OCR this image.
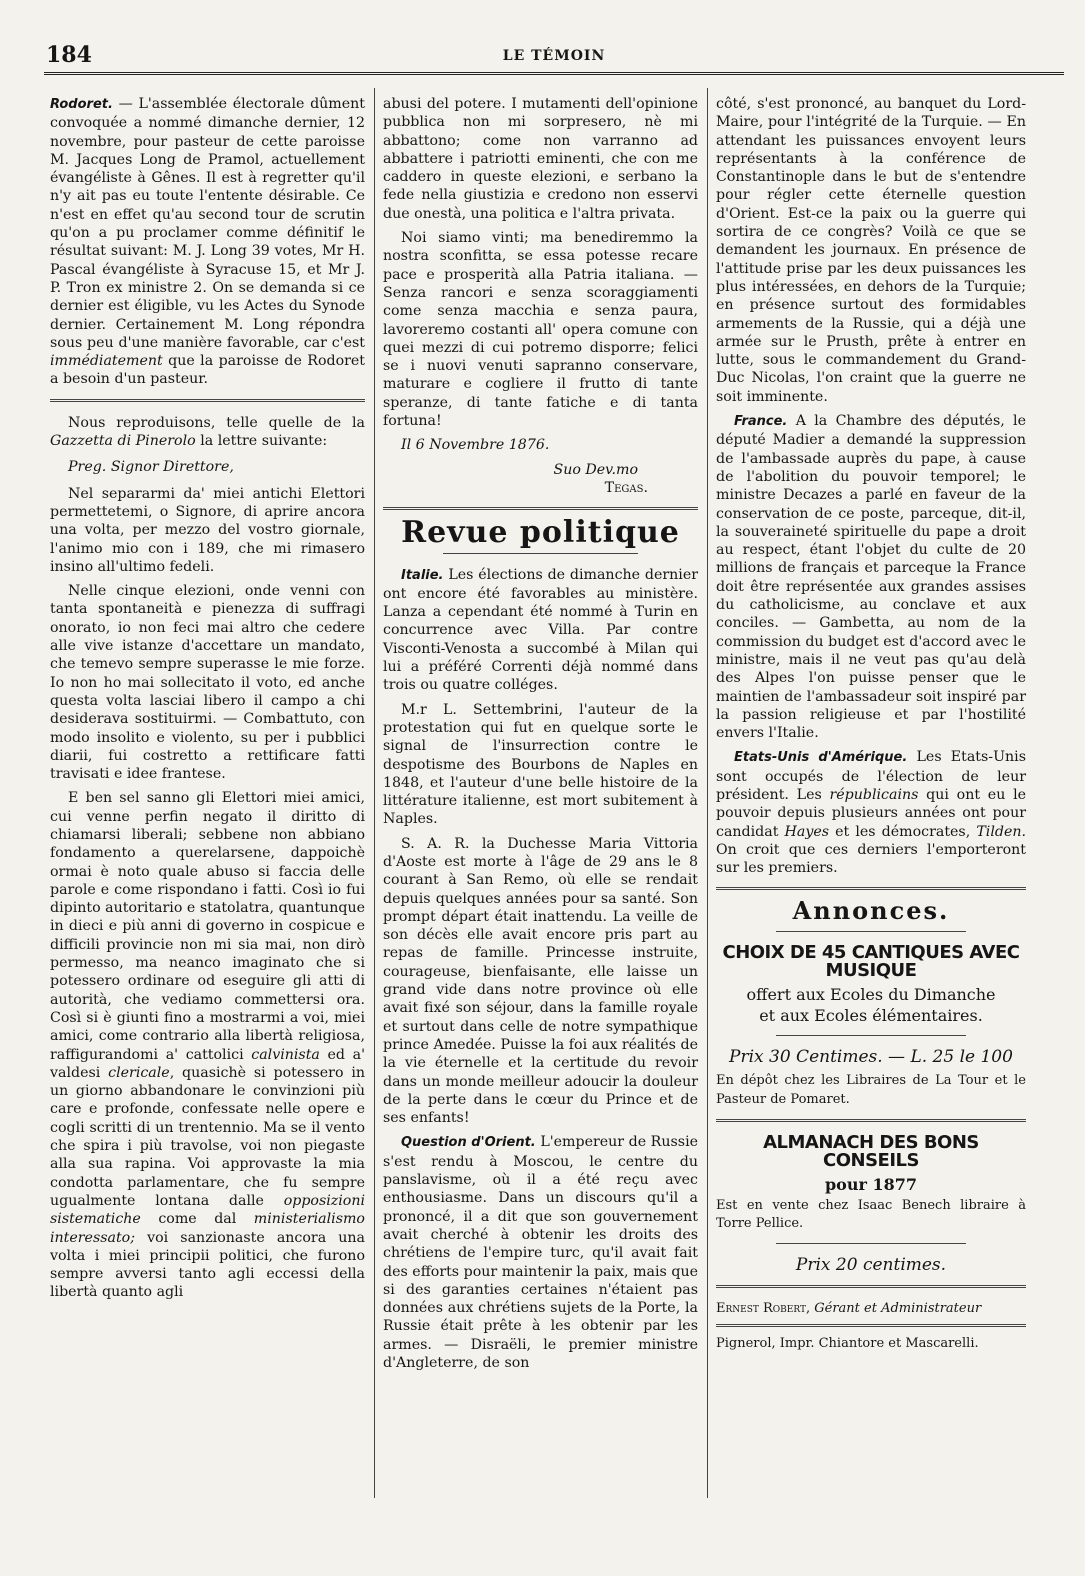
184	LE TÉMOIN

Rodoret. — L'assemblée électorale dûment convoquée a nommé dimanche dernier, 12 novembre, pour pasteur de cette paroisse M. Jacques Long de Pramol, actuellement évangéliste à Gênes. Il est à regretter qu'il n'y ait pas eu toute l'entente désirable. Ce n'est en effet qu'au second tour de scrutin qu'on a pu proclamer comme définitif le résultat suivant: M. J. Long 39 votes, Mr H. Pascal évangéliste à Syracuse 15, et Mr J. P. Tron ex ministre 2. On se demanda si ce dernier est éligible, vu les Actes du Synode dernier. Certainement M. Long répondra sous peu d'une manière favorable, car c'est immédiatement que la paroisse de Rodoret a besoin d'un pasteur.

Nous reproduisons, telle quelle de la Gazzetta di Pinerolo la lettre suivante:

Preg. Signor Direttore,

Nel separarmi da' miei antichi Elettori permettetemi, o Signore, di aprire ancora una volta, per mezzo del vostro giornale, l'animo mio con i 189, che mi rimasero insino all'ultimo fedeli.

Nelle cinque elezioni, onde venni con tanta spontaneità e pienezza di suffragi onorato, io non feci mai altro che cedere alle vive istanze d'accettare un mandato, che temevo sempre superasse le mie forze. Io non ho mai sollecitato il voto, ed anche questa volta lasciai libero il campo a chi desiderava sostituirmi. — Combattuto, con modo insolito e violento, su per i pubblici diarii, fui costretto a rettificare fatti travisati e idee frantese.

E ben sel sanno gli Elettori miei amici, cui venne perfin negato il diritto di chiamarsi liberali; sebbene non abbiano fondamento a querelarsene, dappoichè ormai è noto quale abuso si faccia delle parole e come rispondano i fatti. Così io fui dipinto autoritario e statolatra, quantunque in dieci e più anni di governo in cospicue e difficili provincie non mi sia mai, non dirò permesso, ma neanco imaginato che si potessero ordinare od eseguire gli atti di autorità, che vediamo commettersi ora. Così si è giunti fino a mostrarmi a voi, miei amici, come contrario alla libertà religiosa, raffigurandomi a' cattolici calvinista ed a' valdesi clericale, quasichè si potessero in un giorno abbandonare le convinzioni più care e profonde, confessate nelle opere e cogli scritti di un trentennio. Ma se il vento che spira i più travolse, voi non piegaste alla sua rapina. Voi approvaste la mia condotta parlamentare, che fu sempre ugualmente lontana dalle opposizioni sistematiche come dal ministerialismo interessato; voi sanzionaste ancora una volta i miei principii politici, che furono sempre avversi tanto agli eccessi della libertà quanto agli

abusi del potere. I mutamenti dell'opinione pubblica non mi sorpresero, nè mi abbattono; come non varranno ad abbattere i patriotti eminenti, che con me caddero in queste elezioni, e serbano la fede nella giustizia e credono non esservi due onestà, una politica e l'altra privata.

Noi siamo vinti; ma benediremmo la nostra sconfitta, se essa potesse recare pace e prosperità alla Patria italiana. — Senza rancori e senza scoraggiamenti come senza macchia e senza paura, lavoreremo costanti all' opera comune con quei mezzi di cui potremo disporre; felici se i nuovi venuti sapranno conservare, maturare e cogliere il frutto di tante speranze, di tante fatiche e di tanta fortuna!

Il 6 Novembre 1876.

Suo Dev.mo

Tegas.

Revue politique

Italie. Les élections de dimanche dernier ont encore été favorables au ministère. Lanza a cependant été nommé à Turin en concurrence avec Villa. Par contre Visconti-Venosta a succombé à Milan qui lui a préféré Correnti déjà nommé dans trois ou quatre colléges.

M.r L. Settembrini, l'auteur de la protestation qui fut en quelque sorte le signal de l'insurrection contre le despotisme des Bourbons de Naples en 1848, et l'auteur d'une belle histoire de la littérature italienne, est mort subitement à Naples.

S. A. R. la Duchesse Maria Vittoria d'Aoste est morte à l'âge de 29 ans le 8 courant à San Remo, où elle se rendait depuis quelques années pour sa santé. Son prompt départ était inattendu. La veille de son décès elle avait encore pris part au repas de famille. Princesse instruite, courageuse, bienfaisante, elle laisse un grand vide dans notre province où elle avait fixé son séjour, dans la famille royale et surtout dans celle de notre sympathique prince Amedée. Puisse la foi aux réalités de la vie éternelle et la certitude du revoir dans un monde meilleur adoucir la douleur de la perte dans le cœur du Prince et de ses enfants!

Question d'Orient. L'empereur de Russie s'est rendu à Moscou, le centre du panslavisme, où il a été reçu avec enthousiasme. Dans un discours qu'il a prononcé, il a dit que son gouvernement avait cherché à obtenir les droits des chrétiens de l'empire turc, qu'il avait fait des efforts pour maintenir la paix, mais que si des garanties certaines n'étaient pas données aux chrétiens sujets de la Porte, la Russie était prête à les obtenir par les armes. — Disraëli, le premier ministre d'Angleterre, de son

côté, s'est prononcé, au banquet du Lord-Maire, pour l'intégrité de la Turquie. — En attendant les puissances envoyent leurs représentants à la conférence de Constantinople dans le but de s'entendre pour régler cette éternelle question d'Orient. Est-ce la paix ou la guerre qui sortira de ce congrès? Voilà ce que se demandent les journaux. En présence de l'attitude prise par les deux puissances les plus intéressées, en dehors de la Turquie; en présence surtout des formidables armements de la Russie, qui a déjà une armée sur le Prusth, prête à entrer en lutte, sous le commandement du Grand-Duc Nicolas, l'on craint que la guerre ne soit imminente.

France. A la Chambre des députés, le député Madier a demandé la suppression de l'ambassade auprès du pape, à cause de l'abolition du pouvoir temporel; le ministre Decazes a parlé en faveur de la conservation de ce poste, parceque, dit-il, la souveraineté spirituelle du pape a droit au respect, étant l'objet du culte de 20 millions de français et parceque la France doit être représentée aux grandes assises du catholicisme, au conclave et aux conciles. — Gambetta, au nom de la commission du budget est d'accord avec le ministre, mais il ne veut pas qu'au delà des Alpes l'on puisse penser que le maintien de l'ambassadeur soit inspiré par la passion religieuse et par l'hostilité envers l'Italie.

Etats-Unis d'Amérique. Les Etats-Unis sont occupés de l'élection de leur président. Les républicains qui ont eu le pouvoir depuis plusieurs années ont pour candidat Hayes et les démocrates, Tilden. On croit que ces derniers l'emporteront sur les premiers.

Annonces.
CHOIX DE 45 CANTIQUES AVEC MUSIQUE

offert aux Ecoles du Dimanche

et aux Ecoles élémentaires.

Prix 30 Centimes. — L. 25 le 100

En dépôt chez les Libraires de La Tour et le Pasteur de Pomaret.

ALMANACH DES BONS CONSEILS

pour 1877

Est en vente chez Isaac Benech libraire à Torre Pellice.

Prix 20 centimes.

Ernest Robert, Gérant et Administrateur

Pignerol, Impr. Chiantore et Mascarelli.
